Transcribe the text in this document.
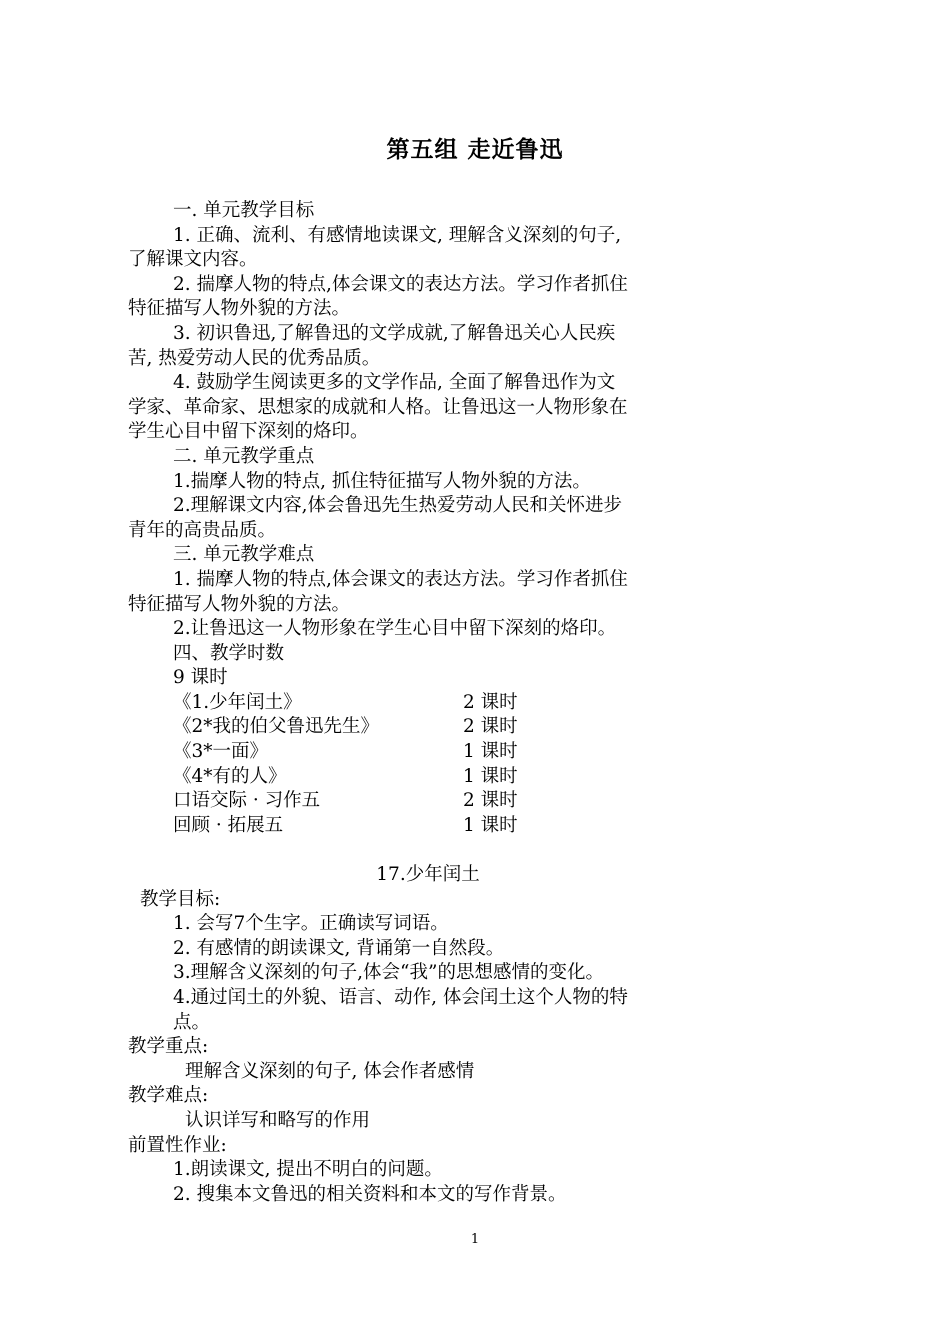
第五组 走近鲁迅
一. 单元教学目标
1. 正确、流利、有感情地读课文, 理解含义深刻的句子,
了解课文内容。
2. 揣摩人物的特点,体会课文的表达方法。学习作者抓住
特征描写人物外貌的方法。
3. 初识鲁迅,了解鲁迅的文学成就,了解鲁迅关心人民疾
苦, 热爱劳动人民的优秀品质。
4. 鼓励学生阅读更多的文学作品, 全面了解鲁迅作为文
学家、革命家、思想家的成就和人格。让鲁迅这一人物形象在
学生心目中留下深刻的烙印。
二. 单元教学重点
1.揣摩人物的特点, 抓住特征描写人物外貌的方法。
2.理解课文内容,体会鲁迅先生热爱劳动人民和关怀进步
青年的高贵品质。
三. 单元教学难点
1. 揣摩人物的特点,体会课文的表达方法。学习作者抓住
特征描写人物外貌的方法。
2.让鲁迅这一人物形象在学生心目中留下深刻的烙印。
四、教学时数
9 课时
《1.少年闰土》	2 课时
《2*我的伯父鲁迅先生》	2 课时
《3*一面》	1 课时
《4*有的人》	1 课时
口语交际 · 习作五	2 课时
回顾 · 拓展五	1 课时
17.少年闰土
教学目标:
1. 会写7个生字。正确读写词语。
2. 有感情的朗读课文, 背诵第一自然段。
3.理解含义深刻的句子,体会“我”的思想感情的变化。
4.通过闰土的外貌、语言、动作, 体会闰土这个人物的特
点。
教学重点:
理解含义深刻的句子, 体会作者感情
教学难点:
认识详写和略写的作用
前置性作业:
1.朗读课文, 提出不明白的问题。
2. 搜集本文鲁迅的相关资料和本文的写作背景。
1
